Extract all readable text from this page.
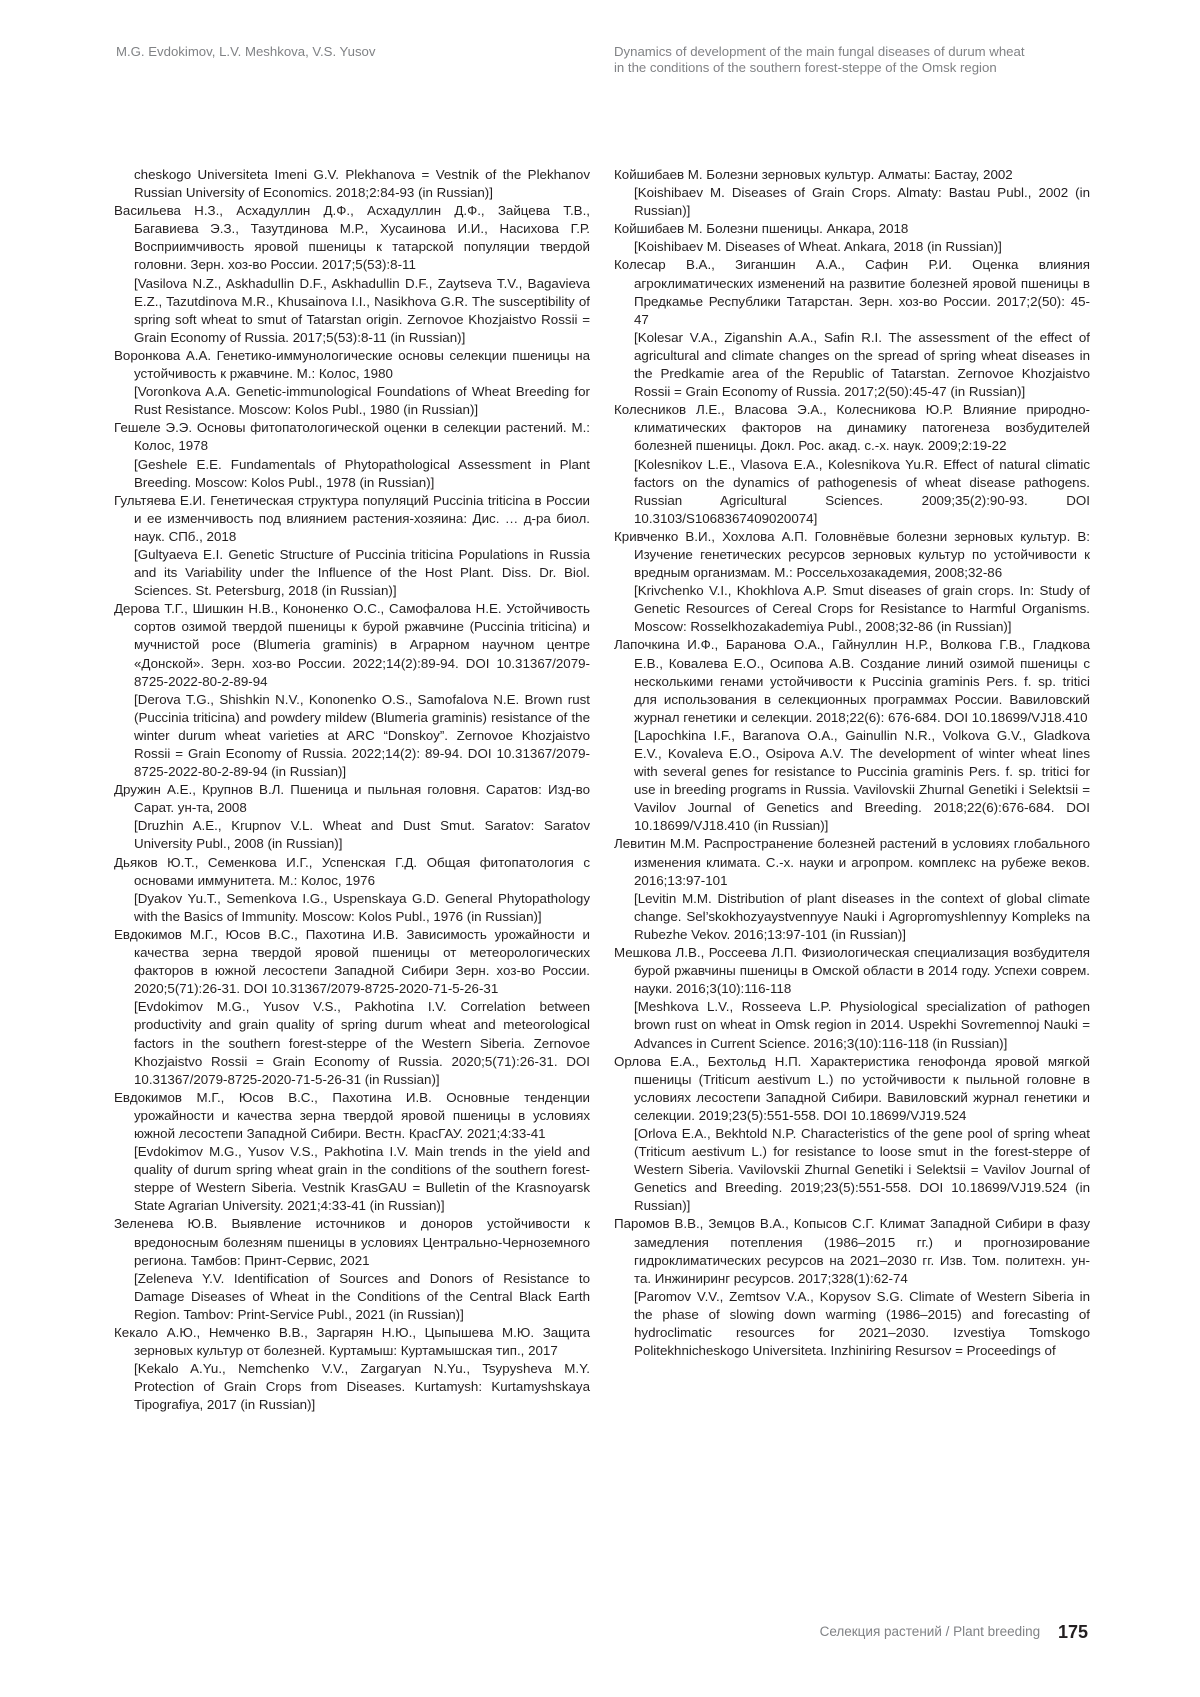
M.G. Evdokimov, L.V. Meshkova, V.S. Yusov	Dynamics of development of the main fungal diseases of durum wheat
in the conditions of the southern forest-steppe of the Omsk region
cheskogo Universiteta Imeni G.V. Plekhanova = Vestnik of the Plekhanov Russian University of Economics. 2018;2:84-93 (in Russian)]
Васильева Н.З., Асхадуллин Д.Ф., Асхадуллин Д.Ф., Зайцева Т.В., Багавиева Э.З., Тазутдинова М.Р., Хусаинова И.И., Насихова Г.Р. Восприимчивость яровой пшеницы к татарской популяции твердой головни. Зерн. хоз-во России. 2017;5(53):8-11
[Vasilova N.Z., Askhadullin D.F., Askhadullin D.F., Zaytseva T.V., Bagavieva E.Z., Tazutdinova M.R., Khusainova I.I., Nasikhova G.R. The susceptibility of spring soft wheat to smut of Tatarstan origin. Zernovoe Khozjaistvo Rossii = Grain Economy of Russia. 2017;5(53):8-11 (in Russian)]
Воронкова А.А. Генетико-иммунологические основы селекции пшеницы на устойчивость к ржавчине. М.: Колос, 1980
[Voronkova A.A. Genetic-immunological Foundations of Wheat Breeding for Rust Resistance. Moscow: Kolos Publ., 1980 (in Russian)]
Гешеле Э.Э. Основы фитопатологической оценки в селекции растений. М.: Колос, 1978
[Geshele E.E. Fundamentals of Phytopathological Assessment in Plant Breeding. Moscow: Kolos Publ., 1978 (in Russian)]
Гультяева Е.И. Генетическая структура популяций Puccinia triticina в России и ее изменчивость под влиянием растения-хозяина: Дис. … д-ра биол. наук. СПб., 2018
[Gultyaeva E.I. Genetic Structure of Puccinia triticina Populations in Russia and its Variability under the Influence of the Host Plant. Diss. Dr. Biol. Sciences. St. Petersburg, 2018 (in Russian)]
Дерова Т.Г., Шишкин Н.В., Кононенко О.С., Самофалова Н.Е. Устойчивость сортов озимой твердой пшеницы к бурой ржавчине (Puccinia triticina) и мучнистой росе (Blumeria graminis) в Аграрном научном центре «Донской». Зерн. хоз-во России. 2022;14(2):89-94. DOI 10.31367/2079-8725-2022-80-2-89-94
[Derova T.G., Shishkin N.V., Kononenko O.S., Samofalova N.E. Brown rust (Puccinia triticina) and powdery mildew (Blumeria graminis) resistance of the winter durum wheat varieties at ARC “Donskoy”. Zernovoe Khozjaistvo Rossii = Grain Economy of Russia. 2022;14(2): 89-94. DOI 10.31367/2079-8725-2022-80-2-89-94 (in Russian)]
Дружин А.Е., Крупнов В.Л. Пшеница и пыльная головня. Саратов: Изд-во Сарат. ун-та, 2008
[Druzhin A.E., Krupnov V.L. Wheat and Dust Smut. Saratov: Saratov University Publ., 2008 (in Russian)]
Дьяков Ю.Т., Семенкова И.Г., Успенская Г.Д. Общая фитопатология с основами иммунитета. М.: Колос, 1976
[Dyakov Yu.T., Semenkova I.G., Uspenskaya G.D. General Phytopathology with the Basics of Immunity. Moscow: Kolos Publ., 1976 (in Russian)]
Евдокимов М.Г., Юсов В.С., Пахотина И.В. Зависимость урожайности и качества зерна твердой яровой пшеницы от метеорологических факторов в южной лесостепи Западной Сибири Зерн. хоз-во России. 2020;5(71):26-31. DOI 10.31367/2079-8725-2020-71-5-26-31
[Evdokimov M.G., Yusov V.S., Pakhotina I.V. Correlation between productivity and grain quality of spring durum wheat and meteorological factors in the southern forest-steppe of the Western Siberia. Zernovoe Khozjaistvo Rossii = Grain Economy of Russia. 2020;5(71):26-31. DOI 10.31367/2079-8725-2020-71-5-26-31 (in Russian)]
Евдокимов М.Г., Юсов В.С., Пахотина И.В. Основные тенденции урожайности и качества зерна твердой яровой пшеницы в условиях южной лесостепи Западной Сибири. Вестн. КрасГАУ. 2021;4:33-41
[Evdokimov M.G., Yusov V.S., Pakhotina I.V. Main trends in the yield and quality of durum spring wheat grain in the conditions of the southern forest-steppe of Western Siberia. Vestnik KrasGAU = Bulletin of the Krasnoyarsk State Agrarian University. 2021;4:33-41 (in Russian)]
Зеленева Ю.В. Выявление источников и доноров устойчивости к вредоносным болезням пшеницы в условиях Центрально-Черноземного региона. Тамбов: Принт-Сервис, 2021
[Zeleneva Y.V. Identification of Sources and Donors of Resistance to Damage Diseases of Wheat in the Conditions of the Central Black Earth Region. Tambov: Print-Service Publ., 2021 (in Russian)]
Кекало А.Ю., Немченко В.В., Заргарян Н.Ю., Цыпышева М.Ю. Защита зерновых культур от болезней. Куртамыш: Куртамышская тип., 2017
[Kekalo A.Yu., Nemchenko V.V., Zargaryan N.Yu., Tsypysheva M.Y. Protection of Grain Crops from Diseases. Kurtamysh: Kurtamyshskaya Tipografiya, 2017 (in Russian)]
Койшибаев М. Болезни зерновых культур. Алматы: Бастау, 2002
[Koishibaev M. Diseases of Grain Crops. Almaty: Bastau Publ., 2002 (in Russian)]
Койшибаев М. Болезни пшеницы. Анкара, 2018
[Koishibaev M. Diseases of Wheat. Ankara, 2018 (in Russian)]
Колесар В.А., Зиганшин А.А., Сафин Р.И. Оценка влияния агроклиматических изменений на развитие болезней яровой пшеницы в Предкамье Республики Татарстан. Зерн. хоз-во России. 2017;2(50): 45-47
[Kolesar V.A., Ziganshin A.A., Safin R.I. The assessment of the effect of agricultural and climate changes on the spread of spring wheat diseases in the Predkamie area of the Republic of Tatarstan. Zernovoe Khozjaistvo Rossii = Grain Economy of Russia. 2017;2(50):45-47 (in Russian)]
Колесников Л.Е., Власова Э.А., Колесникова Ю.Р. Влияние природно-климатических факторов на динамику патогенеза возбудителей болезней пшеницы. Докл. Рос. акад. с.-х. наук. 2009;2:19-22
[Kolesnikov L.E., Vlasova E.A., Kolesnikova Yu.R. Effect of natural climatic factors on the dynamics of pathogenesis of wheat disease pathogens. Russian Agricultural Sciences. 2009;35(2):90-93. DOI 10.3103/S1068367409020074]
Кривченко В.И., Хохлова А.П. Головнёвые болезни зерновых культур. В: Изучение генетических ресурсов зерновых культур по устойчивости к вредным организмам. М.: Россельхозакадемия, 2008;32-86
[Krivchenko V.I., Khokhlova A.P. Smut diseases of grain crops. In: Study of Genetic Resources of Cereal Crops for Resistance to Harmful Organisms. Moscow: Rosselkhozakademiya Publ., 2008;32-86 (in Russian)]
Лапочкина И.Ф., Баранова О.А., Гайнуллин Н.Р., Волкова Г.В., Гладкова Е.В., Ковалева Е.О., Осипова А.В. Создание линий озимой пшеницы с несколькими генами устойчивости к Puccinia graminis Pers. f. sp. tritici для использования в селекционных программах России. Вавиловский журнал генетики и селекции. 2018;22(6): 676-684. DOI 10.18699/VJ18.410
[Lapochkina I.F., Baranova O.A., Gainullin N.R., Volkova G.V., Gladkova E.V., Kovaleva E.O., Osipova A.V. The development of winter wheat lines with several genes for resistance to Puccinia graminis Pers. f. sp. tritici for use in breeding programs in Russia. Vavilovskii Zhurnal Genetiki i Selektsii = Vavilov Journal of Genetics and Breeding. 2018;22(6):676-684. DOI 10.18699/VJ18.410 (in Russian)]
Левитин М.М. Распространение болезней растений в условиях глобального изменения климата. С.-х. науки и агропром. комплекс на рубеже веков. 2016;13:97-101
[Levitin M.M. Distribution of plant diseases in the context of global climate change. Sel’skokhozyaystvennyye Nauki i Agropromyshlennyy Kompleks na Rubezhe Vekov. 2016;13:97-101 (in Russian)]
Мешкова Л.В., Россеева Л.П. Физиологическая специализация возбудителя бурой ржавчины пшеницы в Омской области в 2014 году. Успехи соврем. науки. 2016;3(10):116-118
[Meshkova L.V., Rosseeva L.P. Physiological specialization of pathogen brown rust on wheat in Omsk region in 2014. Uspekhi Sovremennoj Nauki = Advances in Current Science. 2016;3(10):116-118 (in Russian)]
Орлова Е.А., Бехтольд Н.П. Характеристика генофонда яровой мягкой пшеницы (Triticum aestivum L.) по устойчивости к пыльной головне в условиях лесостепи Западной Сибири. Вавиловский журнал генетики и селекции. 2019;23(5):551-558. DOI 10.18699/VJ19.524
[Orlova E.A., Bekhtold N.P. Characteristics of the gene pool of spring wheat (Triticum aestivum L.) for resistance to loose smut in the forest-steppe of Western Siberia. Vavilovskii Zhurnal Genetiki i Selektsii = Vavilov Journal of Genetics and Breeding. 2019;23(5):551-558. DOI 10.18699/VJ19.524 (in Russian)]
Паромов В.В., Земцов В.А., Копысов С.Г. Климат Западной Сибири в фазу замедления потепления (1986–2015 гг.) и прогнозирование гидроклиматических ресурсов на 2021–2030 гг. Изв. Том. политехн. ун-та. Инжиниринг ресурсов. 2017;328(1):62-74
[Paromov V.V., Zemtsov V.A., Kopysov S.G. Climate of Western Siberia in the phase of slowing down warming (1986–2015) and forecasting of hydroclimatic resources for 2021–2030. Izvestiya Tomskogo Politekhnicheskogo Universiteta. Inzhiniring Resursov = Proceedings of
Селекция растений / Plant breeding 175
